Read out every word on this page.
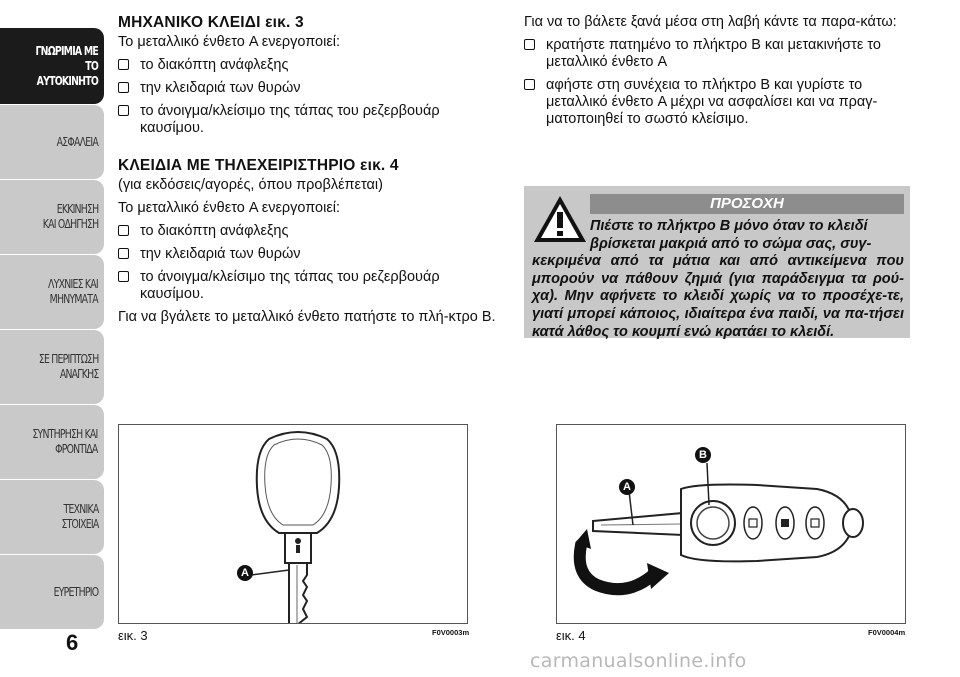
ΓΝΩΡΙΜΙΑ ΜΕ
ΤΟ ΑΥΤΟΚΙΝΗΤΟ
ΑΣΦΑΛΕΙΑ
ΕΚΚΙΝΗΣΗ
ΚΑΙ ΟΔΗΓΗΣΗ
ΛΥΧΝΙΕΣ ΚΑΙ
ΜΗΝΥΜΑΤΑ
ΣΕ ΠΕΡΙΠΤΩΣΗ
ΑΝΑΓΚΗΣ
ΣΥΝΤΗΡΗΣΗ ΚΑΙ
ΦΡΟΝΤΙΔΑ
ΤΕΧΝΙΚΑ
ΣΤΟΙΧΕΙΑ
ΕΥΡΕΤΗΡΙΟ
6
ΜΗΧΑΝΙΚΟ ΚΛΕΙΔΙ εικ. 3
Το μεταλλικό ένθετο A ενεργοποιεί:
το διακόπτη ανάφλεξης
την κλειδαριά των θυρών
το άνοιγμα/κλείσιμο της τάπας του ρεζερβουάρ καυσίμου.
ΚΛΕΙΔΙΑ ΜΕ ΤΗΛΕΧΕΙΡΙΣΤΗΡΙΟ εικ. 4
(για εκδόσεις/αγορές, όπου προβλέπεται)
Το μεταλλικό ένθετο A ενεργοποιεί:
το διακόπτη ανάφλεξης
την κλειδαριά των θυρών
το άνοιγμα/κλείσιμο της τάπας του ρεζερβουάρ καυσίμου.
Για να βγάλετε το μεταλλικό ένθετο πατήστε το πλή-κτρο B.
Για να το βάλετε ξανά μέσα στη λαβή κάντε τα παρα-κάτω:
κρατήστε πατημένο το πλήκτρο B και μετακινήστε το μεταλλικό ένθετο A
αφήστε στη συνέχεια το πλήκτρο B και γυρίστε το μεταλλικό ένθετο A μέχρι να ασφαλίσει και να πραγ-ματοποιηθεί το σωστό κλείσιμο.
ΠΡΟΣΟΧΗ
Πιέστε το πλήκτρο B μόνο όταν το κλειδί
βρίσκεται μακριά από το σώμα σας, συγ-
κεκριμένα από τα μάτια και από αντικείμενα που μπορούν να πάθουν ζημιά (για παράδειγμα τα ρού-χα). Μην αφήνετε το κλειδί χωρίς να το προσέχε-τε, γιατί μπορεί κάποιος, ιδιαίτερα ένα παιδί, να πα-τήσει κατά λάθος το κουμπί ενώ κρατάει το κλειδί.
A
εικ. 3	F0V0003m
A
B
εικ. 4	F0V0004m
carmanualsonline.info
